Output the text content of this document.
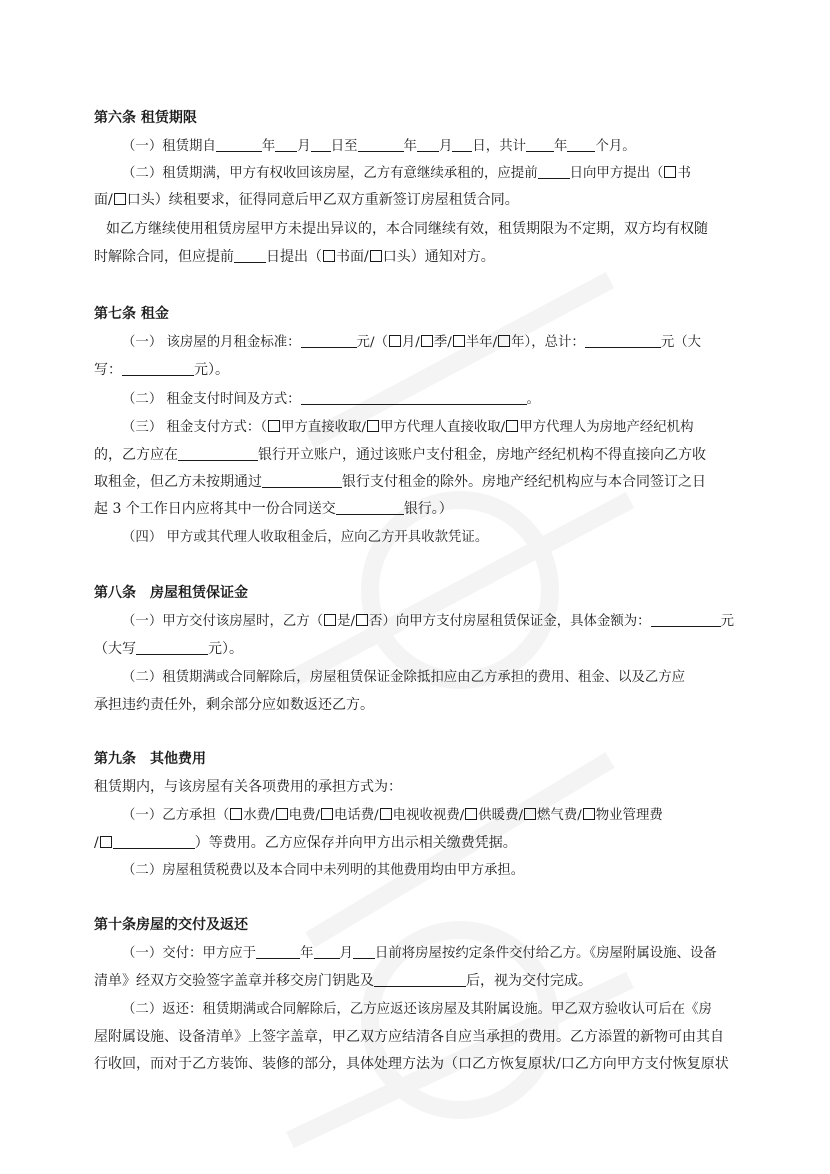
第六条 租赁期限
（一）租赁期自	年 月 日至	年 月 日，共计 年 个月。
（二）租赁期满，甲方有权收回该房屋，乙方有意继续承租的，应提前 日向甲方提出（ 书
面/ 口头）续租要求，征得同意后甲乙双方重新签订房屋租赁合同。
如乙方继续使用租赁房屋甲方未提出异议的，本合同继续有效，租赁期限为不定期，双方均有权随
时解除合同，但应提前 日提出（ 书面/ 口头）通知对方。
第七条 租金
（一） 该房屋的月租金标准：	元/（ 月/ 季/ 半年/ 年），总计：	元（大
写：	元）。
（二） 租金支付时间及方式：	。
（三） 租金支付方式：（ 甲方直接收取/ 甲方代理人直接收取/ 甲方代理人为房地产经纪机构
的，乙方应在	银行开立账户，通过该账户支付租金，房地产经纪机构不得直接向乙方收
取租金，但乙方未按期通过	银行支付租金的除外。房地产经纪机构应与本合同签订之日
起 3 个工作日内应将其中一份合同送交	银行。）
（四） 甲方或其代理人收取租金后，应向乙方开具收款凭证。
第八条　房屋租赁保证金
（一）甲方交付该房屋时，乙方（ 是/ 否）向甲方支付房屋租赁保证金，具体金额为：	元
（大写	元）。
（二）租赁期满或合同解除后，房屋租赁保证金除抵扣应由乙方承担的费用、租金、以及乙方应
承担违约责任外，剩余部分应如数返还乙方。
第九条　其他费用
租赁期内，与该房屋有关各项费用的承担方式为：
（一）乙方承担（ 水费/ 电费/ 电话费/ 电视收视费/ 供暖费/ 燃气费/ 物业管理费
/	）等费用。乙方应保存并向甲方出示相关缴费凭据。
（二）房屋租赁税费以及本合同中未列明的其他费用均由甲方承担。
第十条房屋的交付及返还
（一）交付：甲方应于	年 月 日前将房屋按约定条件交付给乙方。《房屋附属设施、设备
清单》经双方交验签字盖章并移交房门钥匙及	后，视为交付完成。
（二）返还：租赁期满或合同解除后，乙方应返还该房屋及其附属设施。甲乙双方验收认可后在《房
屋附属设施、设备清单》上签字盖章，甲乙双方应结清各自应当承担的费用。乙方添置的新物可由其自
行收回，而对于乙方装饰、装修的部分，具体处理方法为（口乙方恢复原状/口乙方向甲方支付恢复原状
